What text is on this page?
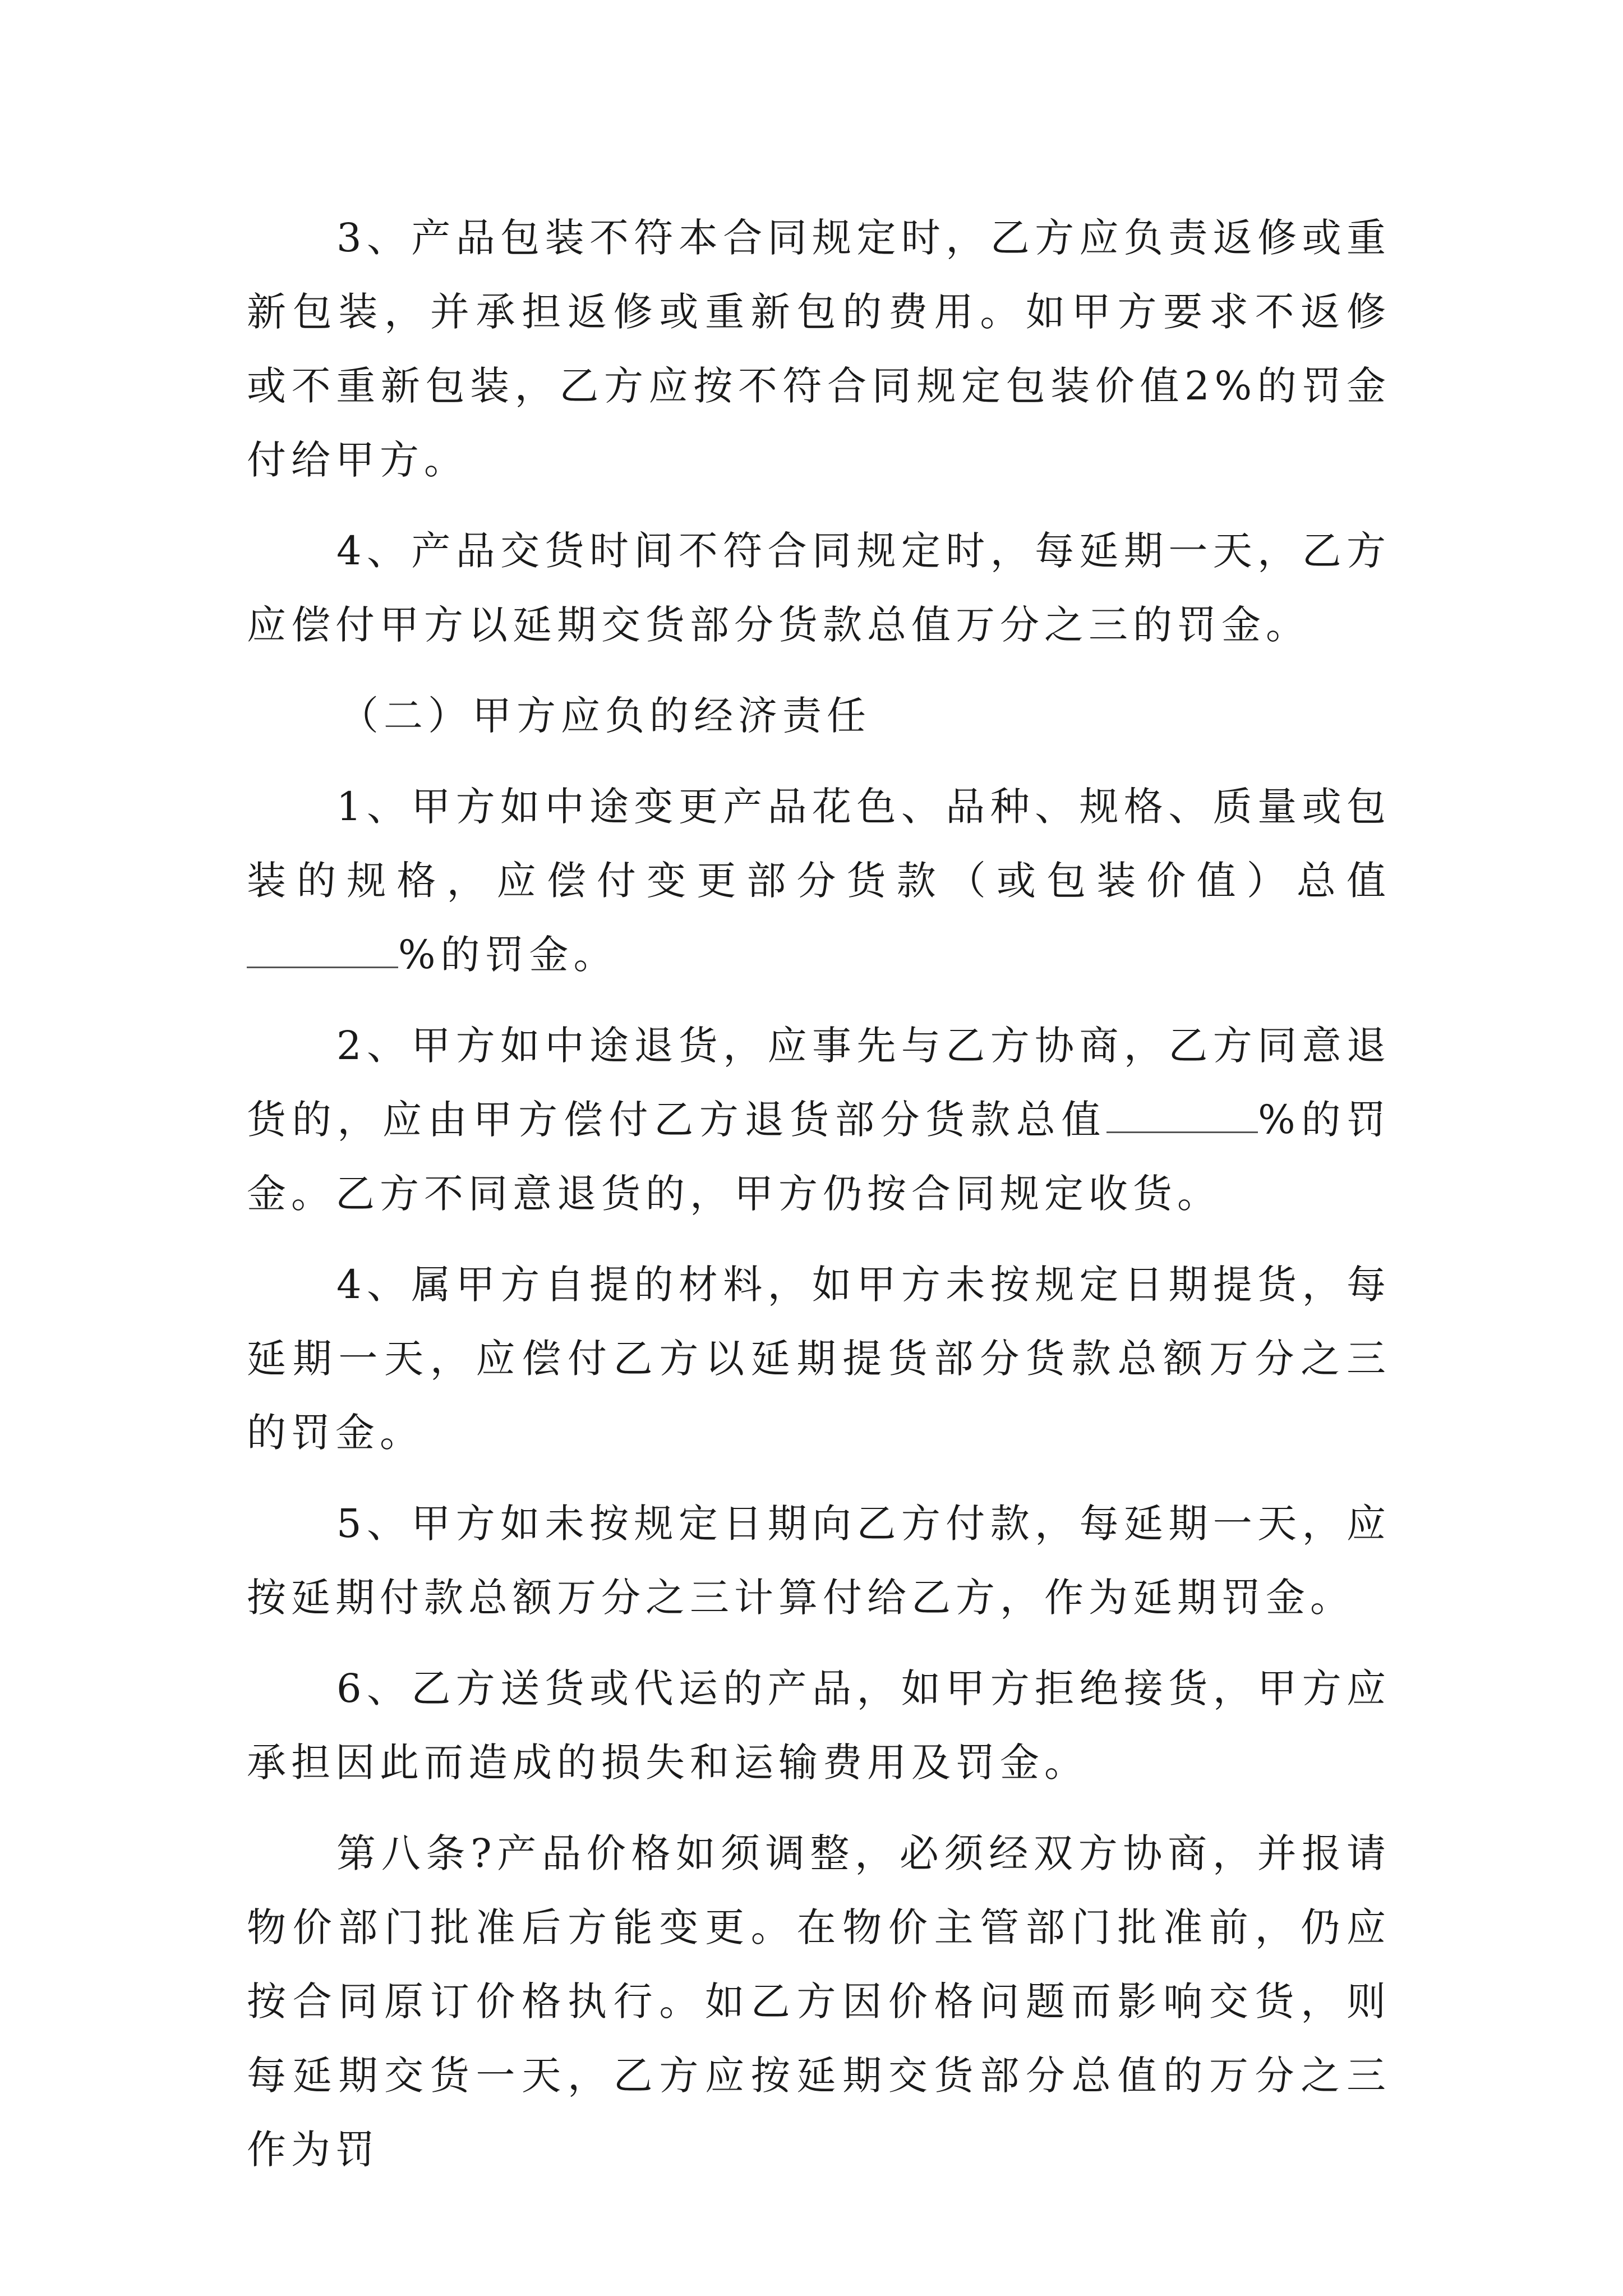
3、产品包装不符本合同规定时，乙方应负责返修或重新包装，并承担返修或重新包的费用。如甲方要求不返修或不重新包装，乙方应按不符合同规定包装价值2%的罚金付给甲方。

4、产品交货时间不符合同规定时，每延期一天，乙方应偿付甲方以延期交货部分货款总值万分之三的罚金。

（二）甲方应负的经济责任

1、甲方如中途变更产品花色、品种、规格、质量或包装的规格，应偿付变更部分货款（或包装价值）总值%的罚金。

2、甲方如中途退货，应事先与乙方协商，乙方同意退货的，应由甲方偿付乙方退货部分货款总值	%的罚金。乙方不同意退货的，甲方仍按合同规定收货。

4、属甲方自提的材料，如甲方未按规定日期提货，每延期一天，应偿付乙方以延期提货部分货款总额万分之三的罚金。

5、甲方如未按规定日期向乙方付款，每延期一天，应按延期付款总额万分之三计算付给乙方，作为延期罚金。

6、乙方送货或代运的产品，如甲方拒绝接货，甲方应承担因此而造成的损失和运输费用及罚金。

第八条?产品价格如须调整，必须经双方协商，并报请物价部门批准后方能变更。在物价主管部门批准前，仍应按合同原订价格执行。如乙方因价格问题而影响交货，则每延期交货一天，乙方应按延期交货部分总值的万分之三作为罚
